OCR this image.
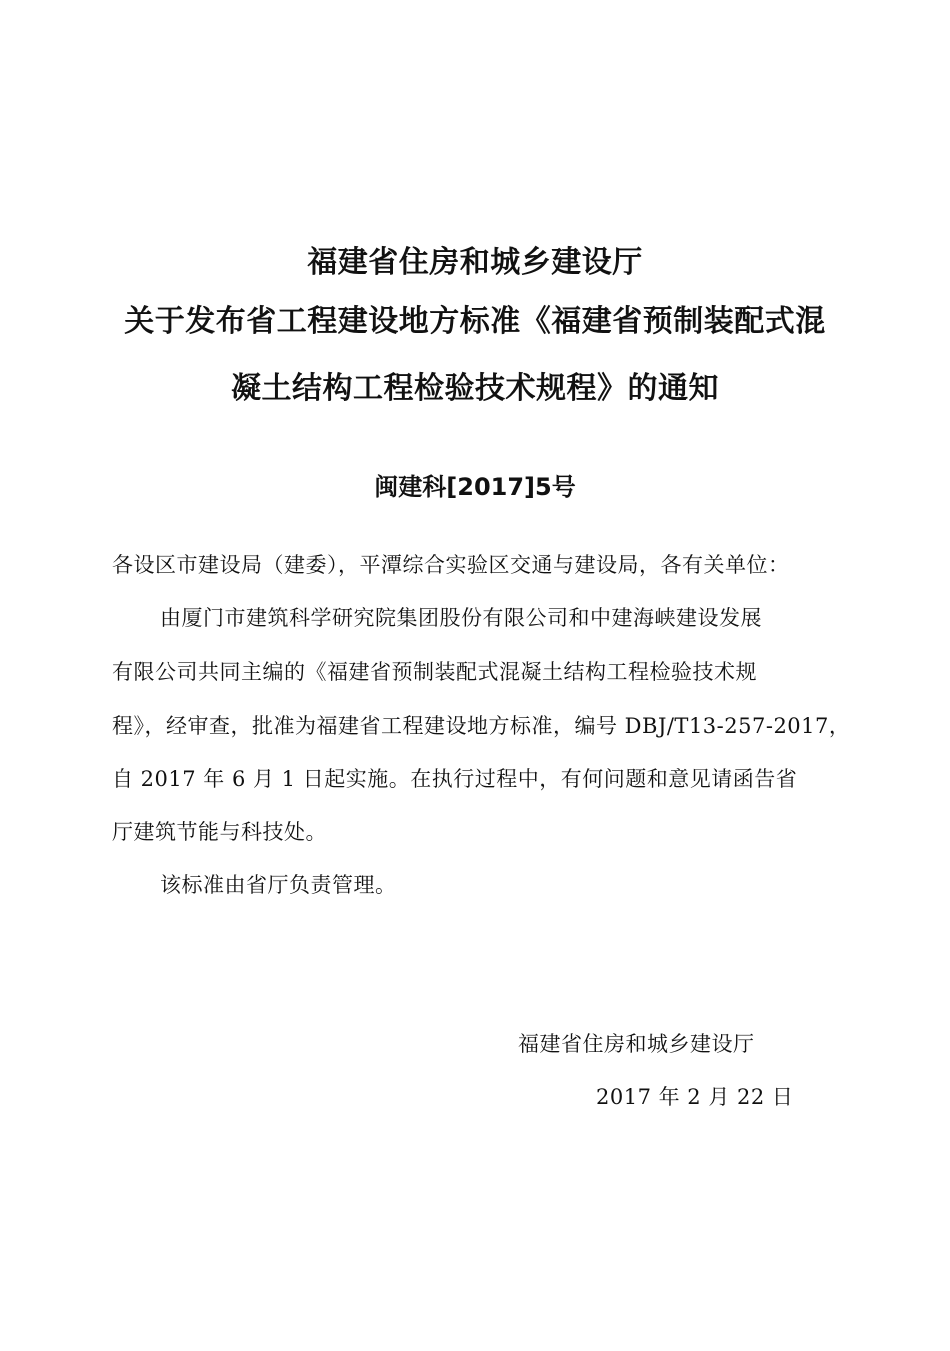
福建省住房和城乡建设厅
关于发布省工程建设地方标准《福建省预制装配式混
凝土结构工程检验技术规程》的通知
闽建科[2017]5号
各设区市建设局（建委），平潭综合实验区交通与建设局，各有关单位：
由厦门市建筑科学研究院集团股份有限公司和中建海峡建设发展
有限公司共同主编的《福建省预制装配式混凝土结构工程检验技术规
程》，经审查，批准为福建省工程建设地方标准，编号 DBJ/T13-257-2017，
自 2017 年 6 月 1 日起实施。在执行过程中，有何问题和意见请函告省
厅建筑节能与科技处。
该标准由省厅负责管理。
福建省住房和城乡建设厅
2017 年 2 月 22 日
